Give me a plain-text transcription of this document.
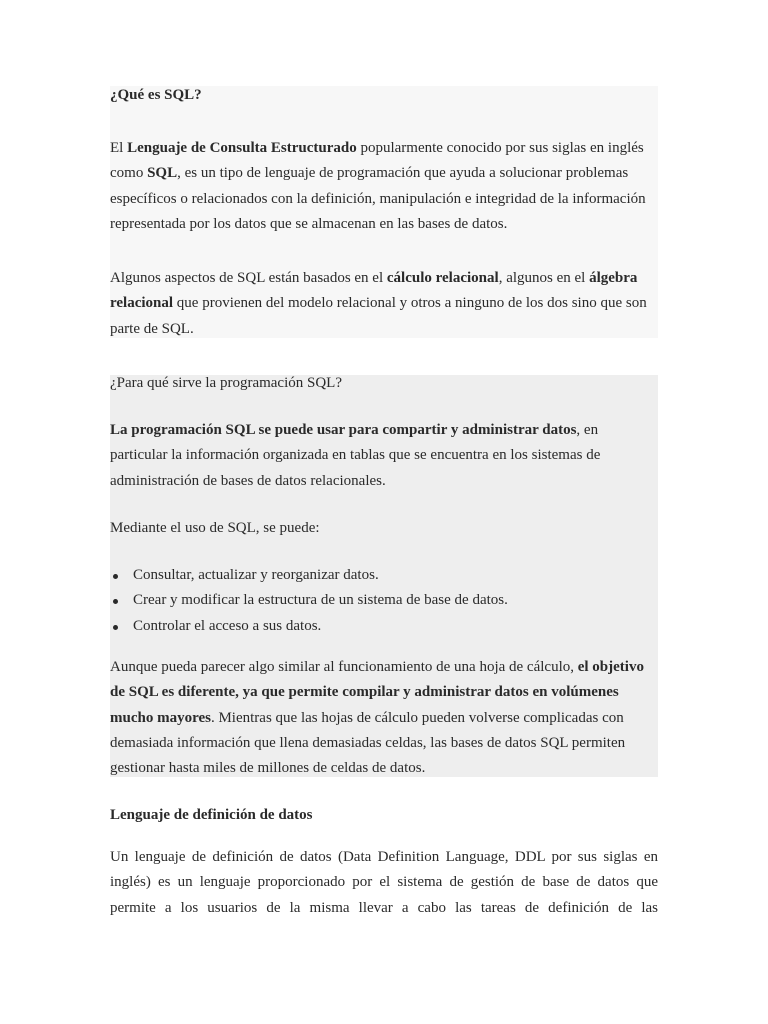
¿Qué es SQL?

El Lenguaje de Consulta Estructurado popularmente conocido por sus siglas en inglés como SQL, es un tipo de lenguaje de programación que ayuda a solucionar problemas específicos o relacionados con la definición, manipulación e integridad de la información representada por los datos que se almacenan en las bases de datos.

Algunos aspectos de SQL están basados en el cálculo relacional, algunos en el álgebra relacional que provienen del modelo relacional y otros a ninguno de los dos sino que son parte de SQL.

¿Para qué sirve la programación SQL?

La programación SQL se puede usar para compartir y administrar datos, en particular la información organizada en tablas que se encuentra en los sistemas de administración de bases de datos relacionales.

Mediante el uso de SQL, se puede:

Consultar, actualizar y reorganizar datos.
Crear y modificar la estructura de un sistema de base de datos.
Controlar el acceso a sus datos.

Aunque pueda parecer algo similar al funcionamiento de una hoja de cálculo, el objetivo de SQL es diferente, ya que permite compilar y administrar datos en volúmenes mucho mayores. Mientras que las hojas de cálculo pueden volverse complicadas con demasiada información que llena demasiadas celdas, las bases de datos SQL permiten gestionar hasta miles de millones de celdas de datos.

Lenguaje de definición de datos

Un lenguaje de definición de datos (Data Definition Language, DDL por sus siglas en inglés) es un lenguaje proporcionado por el sistema de gestión de base de datos que permite a los usuarios de la misma llevar a cabo las tareas de definición de las
